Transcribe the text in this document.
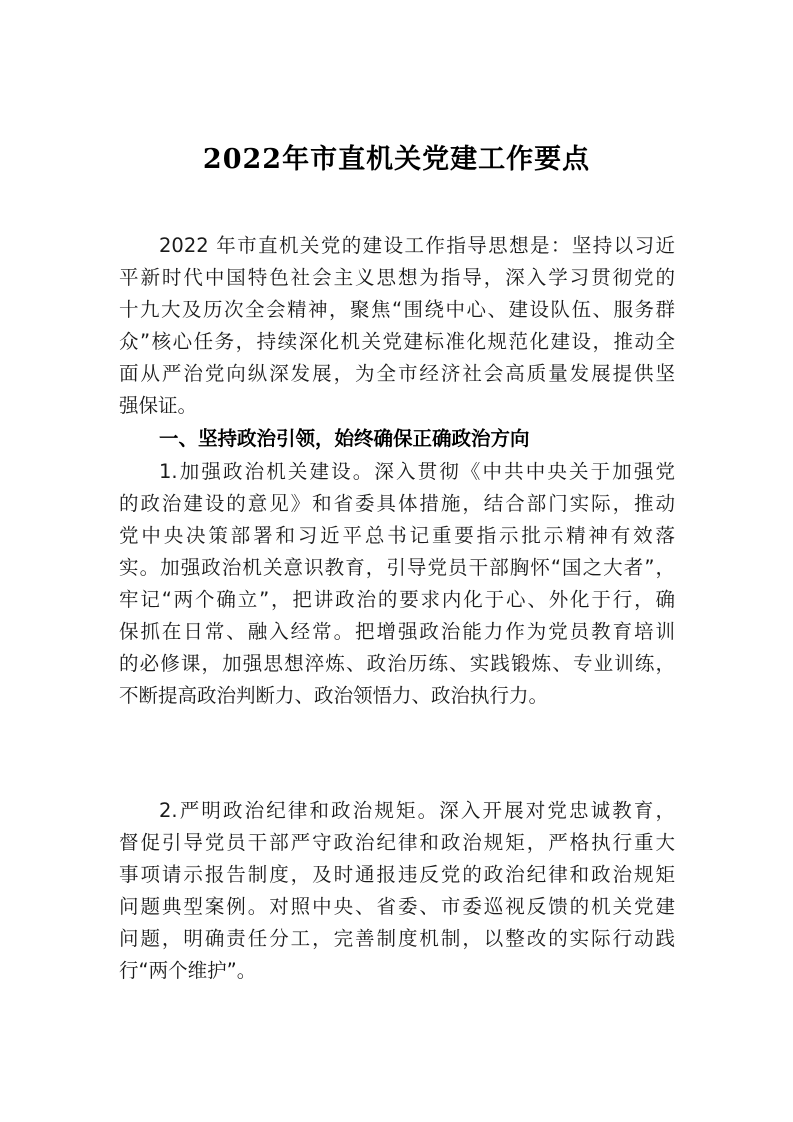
2022年市直机关党建工作要点
2022 年市直机关党的建设工作指导思想是：坚持以习近
平新时代中国特色社会主义思想为指导，深入学习贯彻党的
十九大及历次全会精神，聚焦“围绕中心、建设队伍、服务群
众”核心任务，持续深化机关党建标准化规范化建设，推动全
面从严治党向纵深发展，为全市经济社会高质量发展提供坚
强保证。
一、坚持政治引领，始终确保正确政治方向
1.加强政治机关建设。深入贯彻《中共中央关于加强党
的政治建设的意见》和省委具体措施，结合部门实际，推动
党中央决策部署和习近平总书记重要指示批示精神有效落
实。加强政治机关意识教育，引导党员干部胸怀“国之大者”，
牢记“两个确立”，把讲政治的要求内化于心、外化于行，确
保抓在日常、融入经常。把增强政治能力作为党员教育培训
的必修课，加强思想淬炼、政治历练、实践锻炼、专业训练，
不断提高政治判断力、政治领悟力、政治执行力。
2.严明政治纪律和政治规矩。深入开展对党忠诚教育，
督促引导党员干部严守政治纪律和政治规矩，严格执行重大
事项请示报告制度，及时通报违反党的政治纪律和政治规矩
问题典型案例。对照中央、省委、市委巡视反馈的机关党建
问题，明确责任分工，完善制度机制，以整改的实际行动践
行“两个维护”。
